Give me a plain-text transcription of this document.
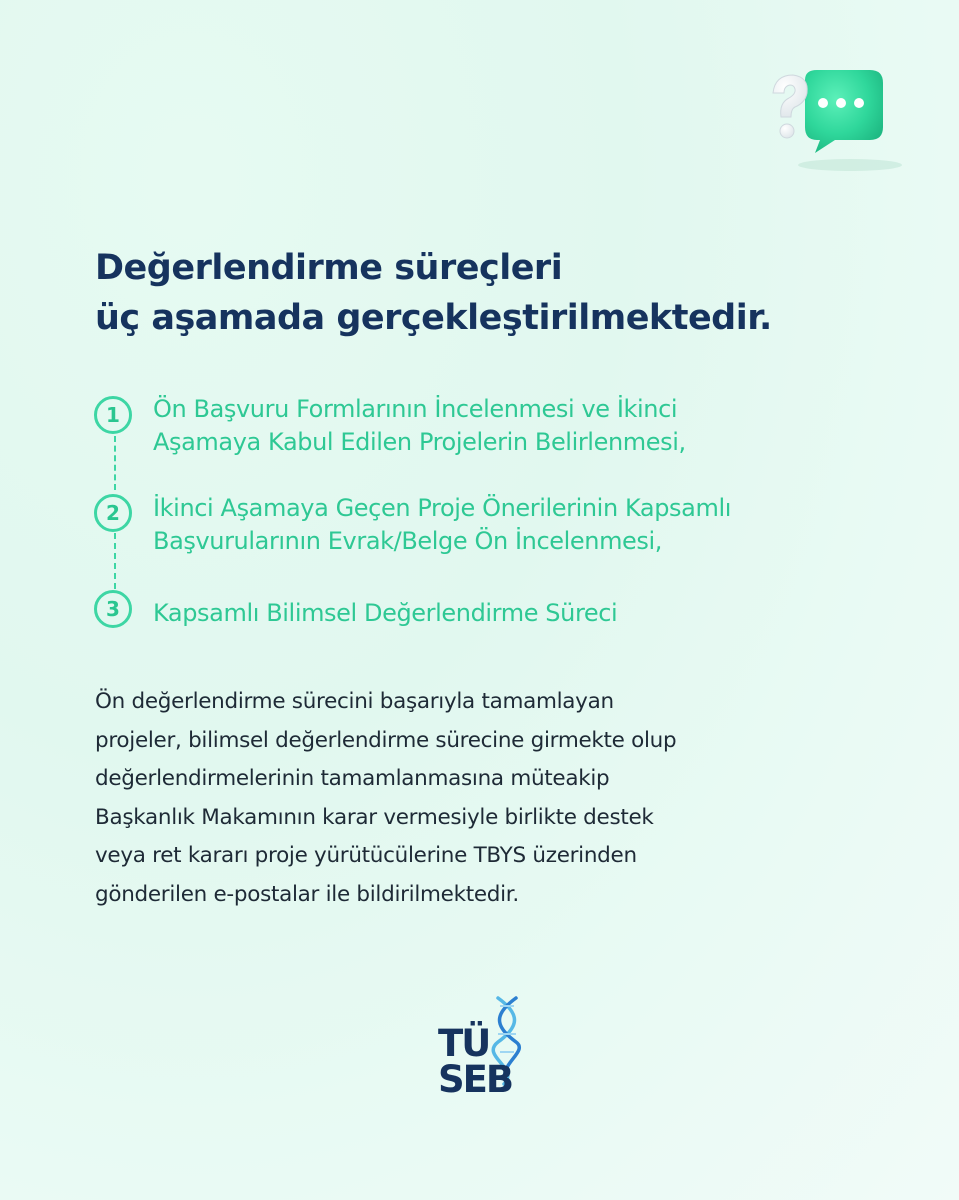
Değerlendirme süreçleri
üç aşamada gerçekleştirilmektedir.
1	Ön Başvuru Formlarının İncelenmesi ve İkinci
Aşamaya Kabul Edilen Projelerin Belirlenmesi,

2	İkinci Aşamaya Geçen Proje Önerilerinin Kapsamlı
Başvurularının Evrak/Belge Ön İncelenmesi,

3	Kapsamlı Bilimsel Değerlendirme Süreci

Ön değerlendirme sürecini başarıyla tamamlayan
projeler, bilimsel değerlendirme sürecine girmekte olup
değerlendirmelerinin tamamlanmasına müteakip
Başkanlık Makamının karar vermesiyle birlikte destek
veya ret kararı proje yürütücülerine TBYS üzerinden
gönderilen e-postalar ile bildirilmektedir.

TÜ
SEB
